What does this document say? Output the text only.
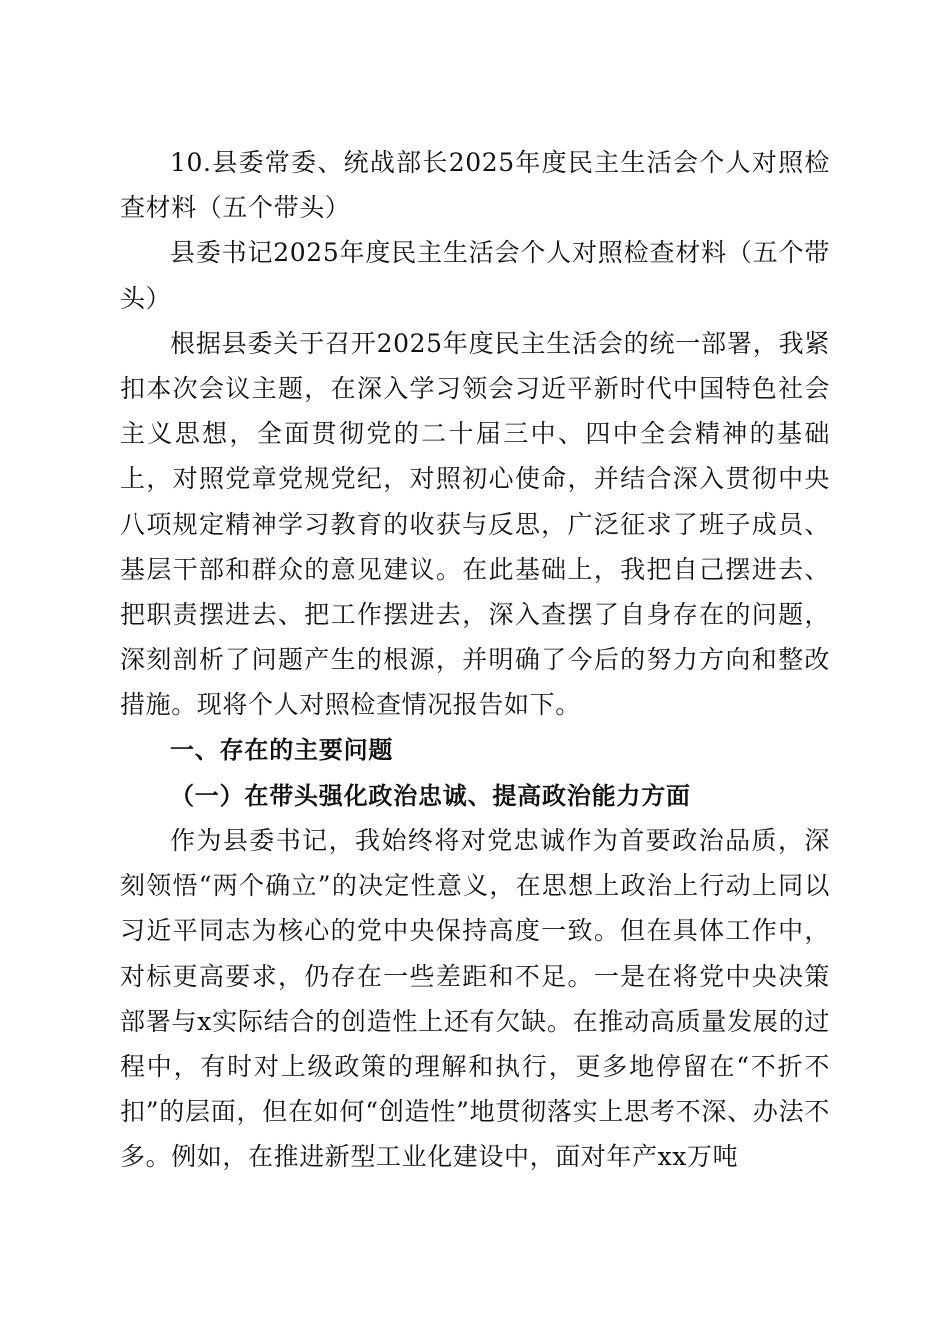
10.县委常委、统战部长2025年度民主生活会个人对照检查材料（五个带头）

县委书记2025年度民主生活会个人对照检查材料（五个带头）

根据县委关于召开2025年度民主生活会的统一部署，我紧扣本次会议主题，在深入学习领会习近平新时代中国特色社会主义思想，全面贯彻党的二十届三中、四中全会精神的基础上，对照党章党规党纪，对照初心使命，并结合深入贯彻中央八项规定精神学习教育的收获与反思，广泛征求了班子成员、基层干部和群众的意见建议。在此基础上，我把自己摆进去、把职责摆进去、把工作摆进去，深入查摆了自身存在的问题，深刻剖析了问题产生的根源，并明确了今后的努力方向和整改措施。现将个人对照检查情况报告如下。

一、存在的主要问题

（一）在带头强化政治忠诚、提高政治能力方面

作为县委书记，我始终将对党忠诚作为首要政治品质，深刻领悟“两个确立”的决定性意义，在思想上政治上行动上同以习近平同志为核心的党中央保持高度一致。但在具体工作中，对标更高要求，仍存在一些差距和不足。一是在将党中央决策部署与x实际结合的创造性上还有欠缺。在推动高质量发展的过程中，有时对上级政策的理解和执行，更多地停留在“不折不扣”的层面，但在如何“创造性”地贯彻落实上思考不深、办法不多。例如，在推进新型工业化建设中，面对年产xx万吨
